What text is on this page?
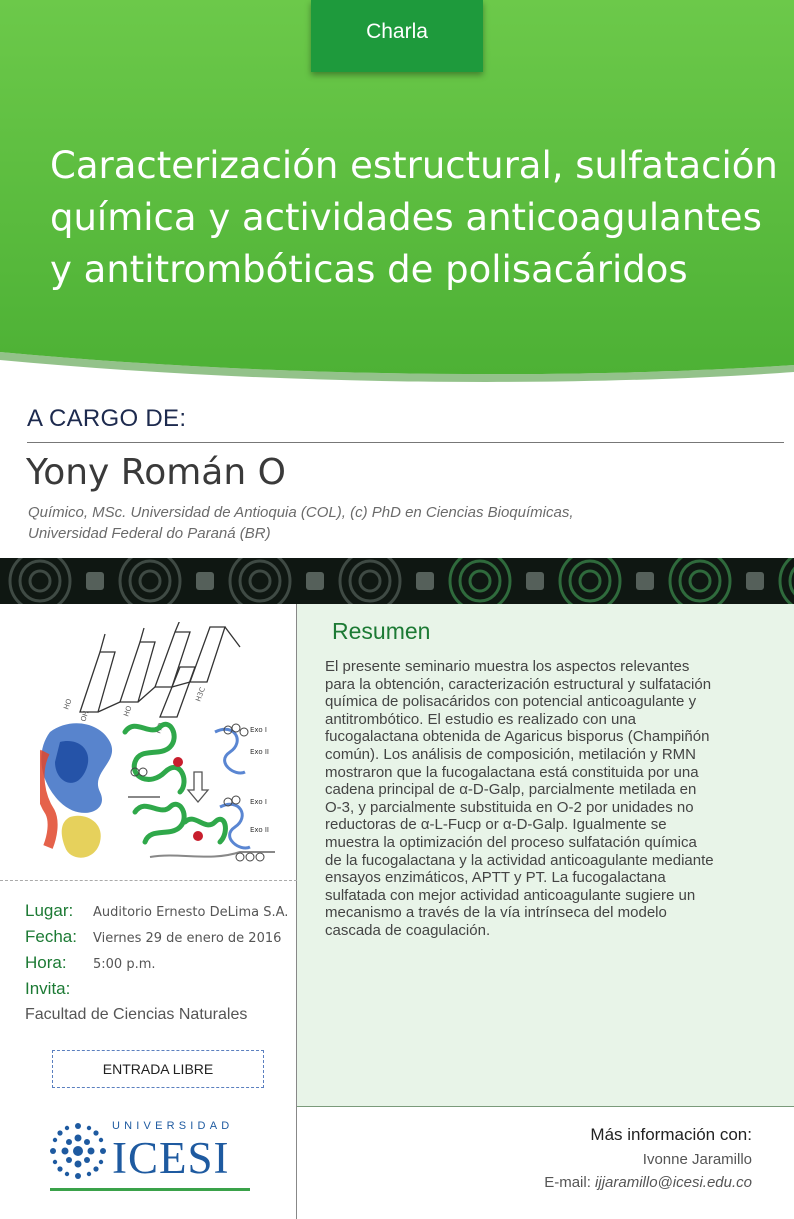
Charla
Caracterización estructural, sulfatación
química y actividades anticoagulantes
y antitrombóticas de polisacáridos
A CARGO DE:
Yony Román O
Químico, MSc. Universidad de Antioquia (COL), (c) PhD en Ciencias Bioquímicas,
Universidad Federal do Paraná (BR)
HO
OH	HO
HO
H3C
Exo I
Exo II
Exo I
Exo II
Lugar:	Auditorio Ernesto DeLima S.A.
Fecha:	Viernes 29 de enero de 2016
Hora:	5:00 p.m.
Invita:
Facultad de Ciencias Naturales
ENTRADA LIBRE
UNIVERSIDAD
ICESI
Resumen
El presente seminario muestra los aspectos relevantes
para la obtención, caracterización estructural y sulfatación
química de polisacáridos con potencial anticoagulante y
antitrombótico. El estudio es realizado con una
fucogalactana obtenida de Agaricus bisporus (Champiñón
común). Los análisis de composición, metilación y RMN
mostraron que la fucogalactana está constituida por una
cadena principal de α-D-Galp, parcialmente metilada en
O-3, y parcialmente substituida en O-2 por unidades no
reductoras de α-L-Fucp or α-D-Galp. Igualmente se
muestra la optimización del proceso sulfatación química
de la fucogalactana y la actividad anticoagulante mediante
ensayos enzimáticos, APTT y PT. La fucogalactana
sulfatada con mejor actividad anticoagulante sugiere un
mecanismo a través de la vía intrínseca del modelo
cascada de coagulación.
Más información con:
Ivonne Jaramillo
E-mail: ijjaramillo@icesi.edu.co
